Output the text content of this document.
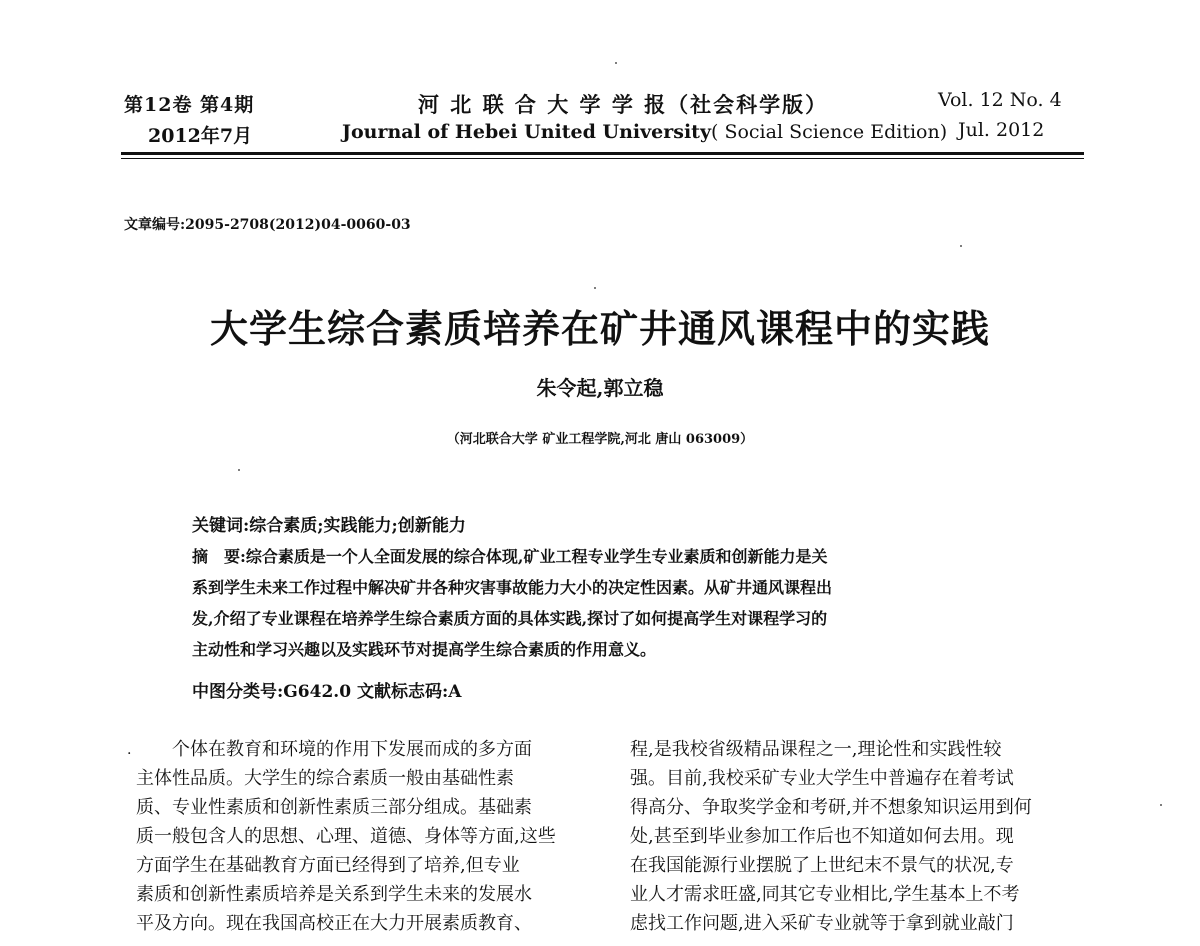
第12卷 第4期
2012年7月
河 北 联 合 大 学 学 报（社会科学版）
Journal of Hebei United University( Social Science Edition)
Vol. 12 No. 4
Jul. 2012
文章编号:2095-2708(2012)04-0060-03
大学生综合素质培养在矿井通风课程中的实践
朱令起,郭立稳
（河北联合大学 矿业工程学院,河北 唐山 063009）
关键词:综合素质;实践能力;创新能力
摘　要:综合素质是一个人全面发展的综合体现,矿业工程专业学生专业素质和创新能力是关
系到学生未来工作过程中解决矿井各种灾害事故能力大小的决定性因素。从矿井通风课程出
发,介绍了专业课程在培养学生综合素质方面的具体实践,探讨了如何提高学生对课程学习的
主动性和学习兴趣以及实践环节对提高学生综合素质的作用意义。
中图分类号:G642.0 文献标志码:A
. 　　个体在教育和环境的作用下发展而成的多方面
主体性品质。大学生的综合素质一般由基础性素
质、专业性素质和创新性素质三部分组成。基础素
质一般包含人的思想、心理、道德、身体等方面,这些
方面学生在基础教育方面已经得到了培养,但专业
素质和创新性素质培养是关系到学生未来的发展水
平及方向。现在我国高校正在大力开展素质教育、
程,是我校省级精品课程之一,理论性和实践性较
强。目前,我校采矿专业大学生中普遍存在着考试
得高分、争取奖学金和考研,并不想象知识运用到何
处,甚至到毕业参加工作后也不知道如何去用。现
在我国能源行业摆脱了上世纪末不景气的状况,专
业人才需求旺盛,同其它专业相比,学生基本上不考
虑找工作问题,进入采矿专业就等于拿到就业敲门
